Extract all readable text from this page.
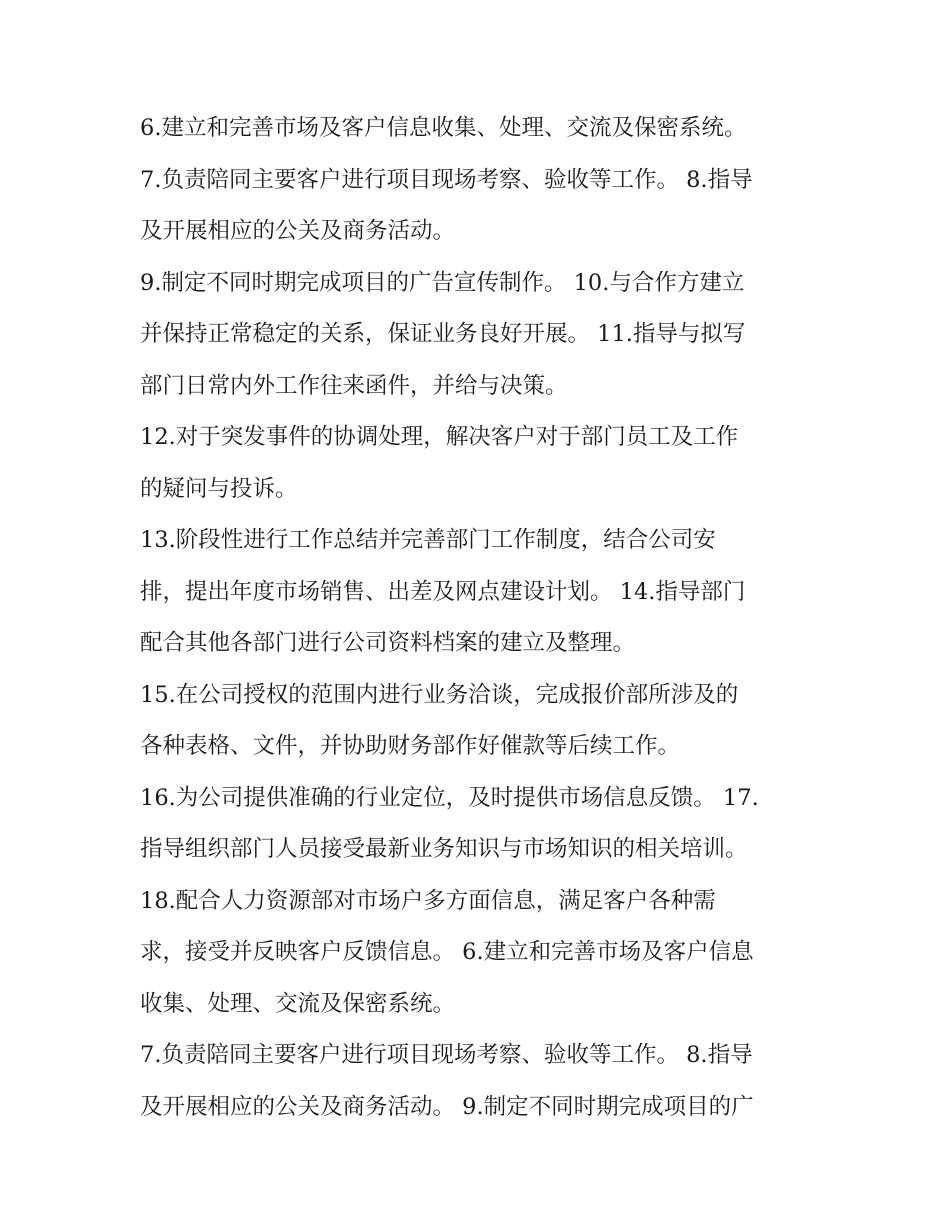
6.建立和完善市场及客户信息收集、处理、交流及保密系统。
7.负责陪同主要客户进行项目现场考察、验收等工作。 8.指导
及开展相应的公关及商务活动。
9.制定不同时期完成项目的广告宣传制作。 10.与合作方建立
并保持正常稳定的关系，保证业务良好开展。 11.指导与拟写
部门日常内外工作往来函件，并给与决策。
12.对于突发事件的协调处理，解决客户对于部门员工及工作
的疑问与投诉。
13.阶段性进行工作总结并完善部门工作制度，结合公司安
排，提出年度市场销售、出差及网点建设计划。 14.指导部门
配合其他各部门进行公司资料档案的建立及整理。
15.在公司授权的范围内进行业务洽谈，完成报价部所涉及的
各种表格、文件，并协助财务部作好催款等后续工作。
16.为公司提供准确的行业定位，及时提供市场信息反馈。 17.
指导组织部门人员接受最新业务知识与市场知识的相关培训。
18.配合人力资源部对市场户多方面信息，满足客户各种需
求，接受并反映客户反馈信息。 6.建立和完善市场及客户信息
收集、处理、交流及保密系统。
7.负责陪同主要客户进行项目现场考察、验收等工作。 8.指导
及开展相应的公关及商务活动。 9.制定不同时期完成项目的广
